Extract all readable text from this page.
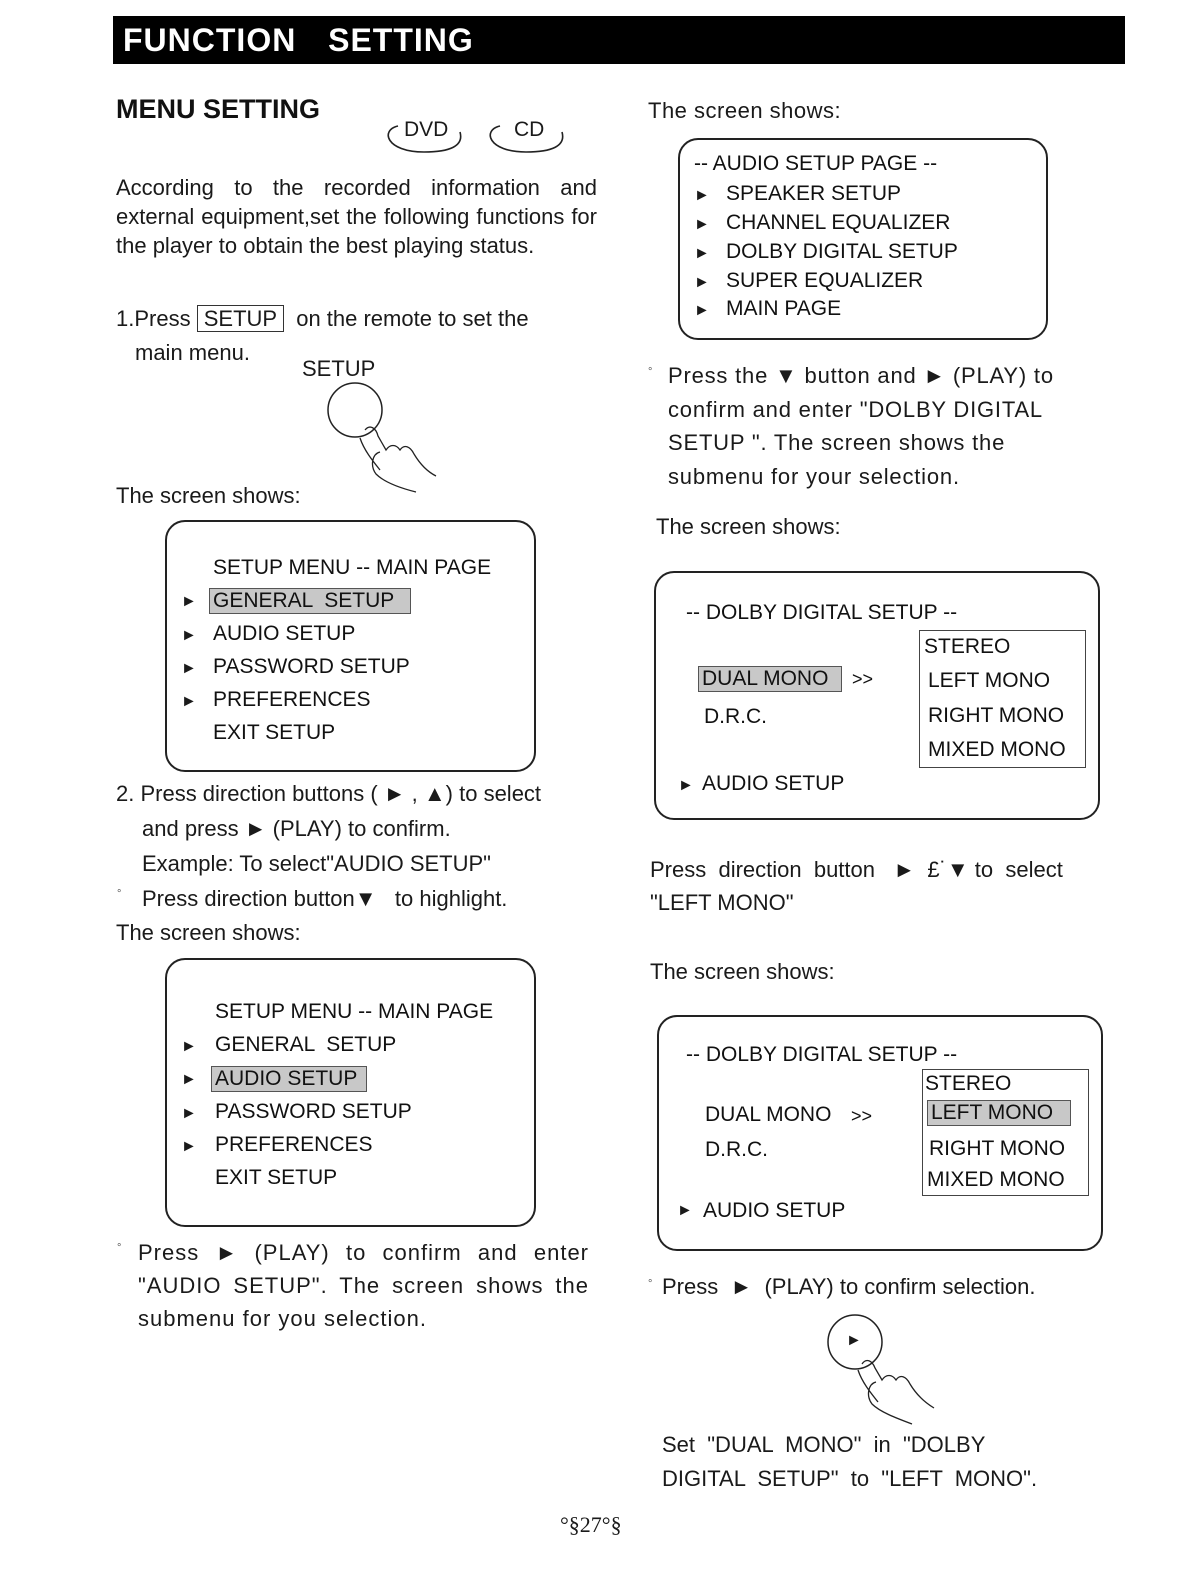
FUNCTION  SETTING
MENU SETTING
DVD	CD
According to the recorded information and external equipment,set the following functions for the player to obtain the best playing status.
1.Press SETUP on the remote to set the
main menu.
SETUP
The screen shows:
SETUP MENU -- MAIN PAGE
► GENERAL  SETUP
► AUDIO SETUP
► PASSWORD SETUP
► PREFERENCES
EXIT SETUP
2. Press direction buttons ( ► , ▲) to select
and press ► (PLAY) to confirm.
Example: To select"AUDIO SETUP"
° Press direction button▼   to highlight.
The screen shows:
SETUP MENU -- MAIN PAGE
► GENERAL  SETUP
► AUDIO SETUP
► PASSWORD SETUP
► PREFERENCES
EXIT SETUP
° Press ► (PLAY) to confirm and enter "AUDIO SETUP". The screen shows the submenu for you selection.
The screen shows:
-- AUDIO SETUP PAGE --
► SPEAKER SETUP
► CHANNEL EQUALIZER
► DOLBY DIGITAL SETUP
► SUPER EQUALIZER
► MAIN PAGE
° Press the ▼ button and ► (PLAY) to confirm and enter "DOLBY DIGITAL SETUP ". The screen shows the submenu for your selection.
The screen shows:
-- DOLBY DIGITAL SETUP --
DUAL MONO	>>
D.R.C.
► AUDIO SETUP
STEREO
LEFT MONO
RIGHT MONO
MIXED MONO
Press  direction  button   ►  £˙▼ to  select
"LEFT MONO"
The screen shows:
-- DOLBY DIGITAL SETUP --
DUAL MONO >>
D.R.C.
► AUDIO SETUP
STEREO
LEFT MONO
RIGHT MONO
MIXED MONO
° Press  ►  (PLAY) to confirm selection.
►
Set  "DUAL  MONO"  in  "DOLBY
DIGITAL  SETUP"  to  "LEFT  MONO".
°§27°§
